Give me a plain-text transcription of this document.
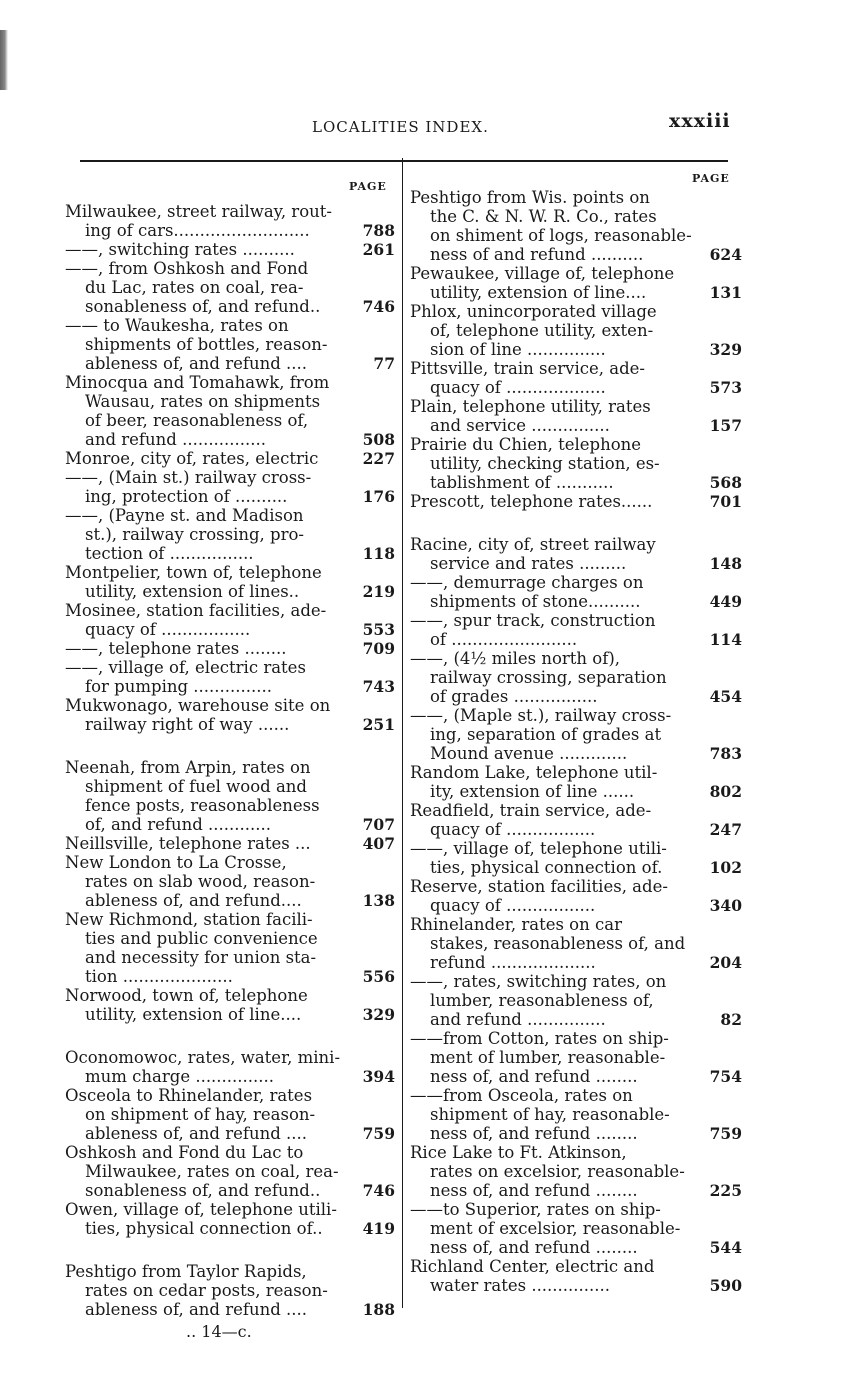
LOCALITIES INDEX.	xxxiii
PAGE
PAGE
Milwaukee, street railway, rout-
ing of cars..........................	788
——, switching rates ..........	261
——, from Oshkosh and Fond
du Lac, rates on coal, rea-
sonableness of, and refund..	746
—— to Waukesha, rates on
shipments of bottles, reason-
ableness of, and refund ....	77
Minocqua and Tomahawk, from
Wausau, rates on shipments
of beer, reasonableness of,
and refund ................	508
Monroe, city of, rates, electric	227
——, (Main st.) railway cross-
ing, protection of ..........	176
——, (Payne st. and Madison
st.), railway crossing, pro-
tection of ................	118
Montpelier, town of, telephone
utility, extension of lines..	219
Mosinee, station facilities, ade-
quacy of .................	553
——, telephone rates ........	709
——, village of, electric rates
for pumping ...............	743
Mukwonago, warehouse site on
railway right of way ......	251
Neenah, from Arpin, rates on
shipment of fuel wood and
fence posts, reasonableness
of, and refund ............	707
Neillsville, telephone rates ...	407
New London to La Crosse,
rates on slab wood, reason-
ableness of, and refund....	138
New Richmond, station facili-
ties and public convenience
and necessity for union sta-
tion .....................	556
Norwood, town of, telephone
utility, extension of line....	329
Oconomowoc, rates, water, mini-
mum charge ...............	394
Osceola to Rhinelander, rates
on shipment of hay, reason-
ableness of, and refund ....	759
Oshkosh and Fond du Lac to
Milwaukee, rates on coal, rea-
sonableness of, and refund..	746
Owen, village of, telephone utili-
ties, physical connection of..	419
Peshtigo from Taylor Rapids,
rates on cedar posts, reason-
ableness of, and refund ....	188
Peshtigo from Wis. points on
the C. & N. W. R. Co., rates
on shiment of logs, reasonable-
ness of and refund ..........	624
Pewaukee, village of, telephone
utility, extension of line....	131
Phlox, unincorporated village
of, telephone utility, exten-
sion of line ...............	329
Pittsville, train service, ade-
quacy of ...................	573
Plain, telephone utility, rates
and service ...............	157
Prairie du Chien, telephone
utility, checking station, es-
tablishment of ...........	568
Prescott, telephone rates......	701
Racine, city of, street railway
service and rates .........	148
——, demurrage charges on
shipments of stone..........	449
——, spur track, construction
of ........................	114
——, (4½ miles north of),
railway crossing, separation
of grades ................	454
——, (Maple st.), railway cross-
ing, separation of grades at
Mound avenue .............	783
Random Lake, telephone util-
ity, extension of line ......	802
Readfield, train service, ade-
quacy of .................	247
——, village of, telephone utili-
ties, physical connection of.	102
Reserve, station facilities, ade-
quacy of .................	340
Rhinelander, rates on car
stakes, reasonableness of, and
refund ....................	204
——, rates, switching rates, on
lumber, reasonableness of,
and refund ...............	82
——from Cotton, rates on ship-
ment of lumber, reasonable-
ness of, and refund ........	754
——from Osceola, rates on
shipment of hay, reasonable-
ness of, and refund ........	759
Rice Lake to Ft. Atkinson,
rates on excelsior, reasonable-
ness of, and refund ........	225
——to Superior, rates on ship-
ment of excelsior, reasonable-
ness of, and refund ........	544
Richland Center, electric and
water rates ...............	590
.. 14—c.
